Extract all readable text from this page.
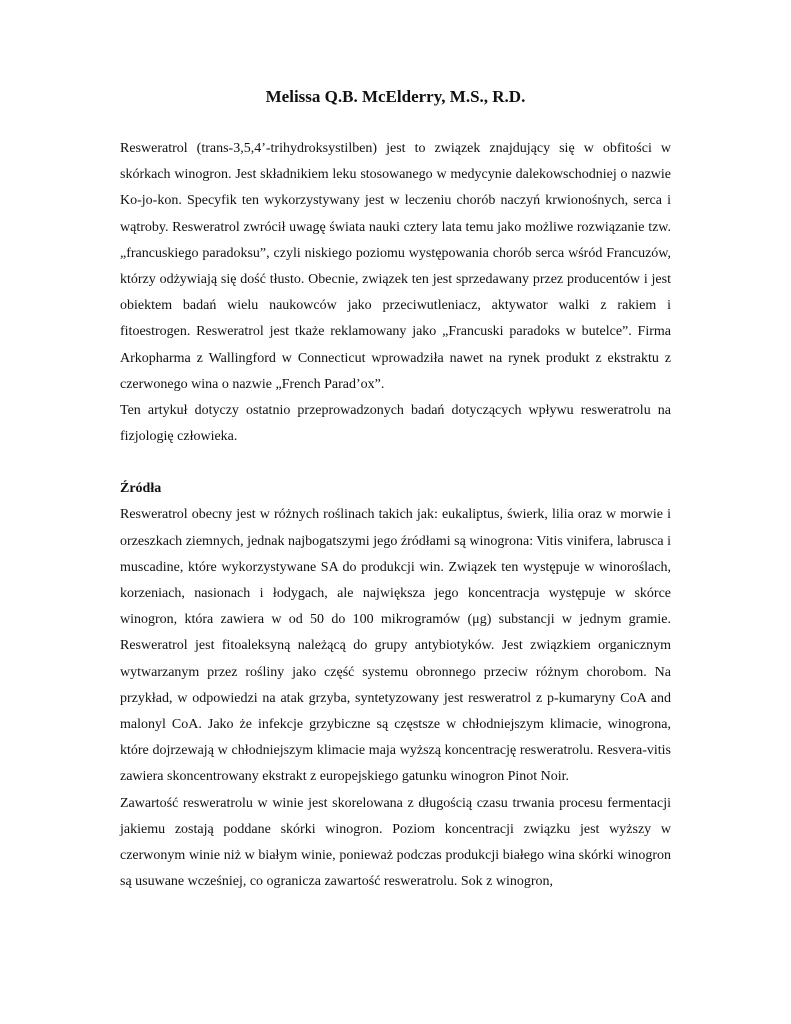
Melissa Q.B. McElderry, M.S., R.D.

Resweratrol (trans-3,5,4’-trihydroksystilben) jest to związek znajdujący się w obfitości w skórkach winogron. Jest składnikiem leku stosowanego w medycynie dalekowschodniej o nazwie Ko-jo-kon. Specyfik ten wykorzystywany jest w leczeniu chorób naczyń krwionośnych, serca i wątroby. Resweratrol zwrócił uwagę świata nauki cztery lata temu jako możliwe rozwiązanie tzw. „francuskiego paradoksu”, czyli niskiego poziomu występowania chorób serca wśród Francuzów, którzy odżywiają się dość tłusto. Obecnie, związek ten jest sprzedawany przez producentów i jest obiektem badań wielu naukowców jako przeciwutleniacz, aktywator walki z rakiem i fitoestrogen. Resweratrol jest tkaże reklamowany jako „Francuski paradoks w butelce”. Firma Arkopharma z Wallingford w Connecticut wprowadziła nawet na rynek produkt z ekstraktu z czerwonego wina o nazwie „French Parad’ox”.

Ten artykuł dotyczy ostatnio przeprowadzonych badań dotyczących wpływu resweratrolu na fizjologię człowieka.

Źródła

Resweratrol obecny jest w różnych roślinach takich jak: eukaliptus, świerk, lilia oraz w morwie i orzeszkach ziemnych, jednak najbogatszymi jego źródłami są winogrona: Vitis vinifera, labrusca i muscadine, które wykorzystywane SA do produkcji win. Związek ten występuje w winoroślach, korzeniach, nasionach i łodygach, ale największa jego koncentracja występuje w skórce winogron, która zawiera w od 50 do 100 mikrogramów (μg) substancji w jednym gramie. Resweratrol jest fitoaleksyną należącą do grupy antybiotyków. Jest związkiem organicznym wytwarzanym przez rośliny jako część systemu obronnego przeciw różnym chorobom. Na przykład, w odpowiedzi na atak grzyba, syntetyzowany jest resweratrol z p-kumaryny CoA and malonyl CoA. Jako że infekcje grzybiczne są częstsze w chłodniejszym klimacie, winogrona, które dojrzewają w chłodniejszym klimacie maja wyższą koncentrację resweratrolu. Resvera-vitis zawiera skoncentrowany ekstrakt z europejskiego gatunku winogron Pinot Noir.

Zawartość resweratrolu w winie jest skorelowana z długością czasu trwania procesu fermentacji jakiemu zostają poddane skórki winogron. Poziom koncentracji związku jest wyższy w czerwonym winie niż w białym winie, ponieważ podczas produkcji białego wina skórki winogron są usuwane wcześniej, co ogranicza zawartość resweratrolu. Sok z winogron,
